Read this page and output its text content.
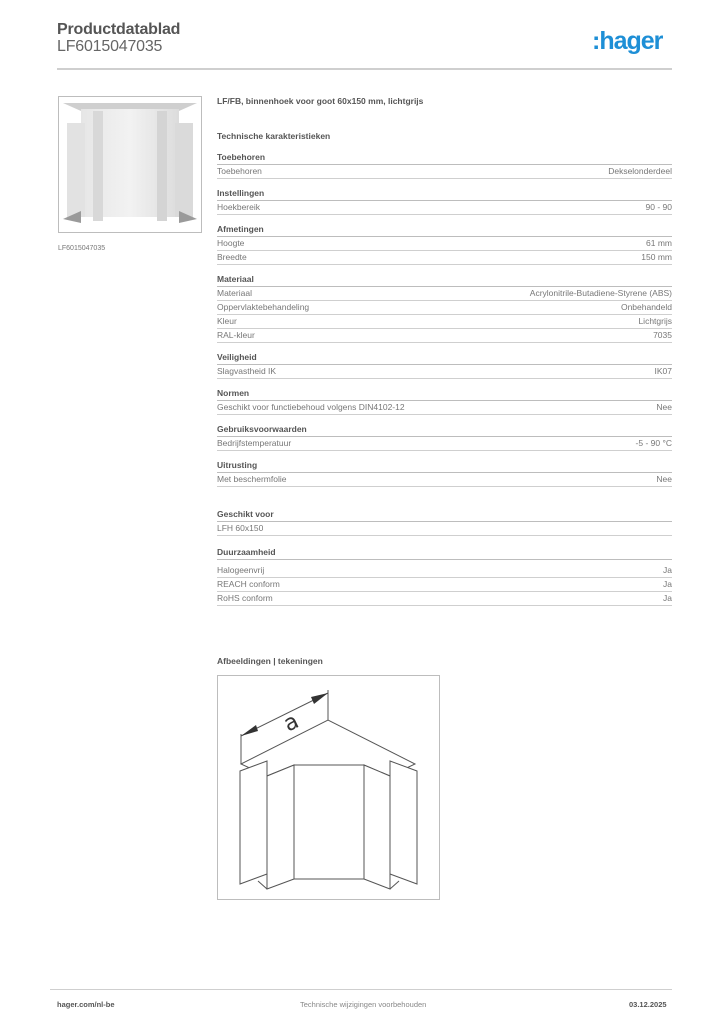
Productdatablad
LF6015047035	:hager
LF6015047035
LF/FB, binnenhoek voor goot 60x150 mm, lichtgrijs
Technische karakteristieken
Toebehoren
Toebehoren	Dekselonderdeel
Instellingen
Hoekbereik	90 - 90
Afmetingen
Hoogte	61 mm
Breedte	150 mm
Materiaal
Materiaal	Acrylonitrile-Butadiene-Styrene (ABS)
Oppervlaktebehandeling	Onbehandeld
Kleur	Lichtgrijs
RAL-kleur	7035
Veiligheid
Slagvastheid IK	IK07
Normen
Geschikt voor functiebehoud volgens DIN4102-12	Nee
Gebruiksvoorwaarden
Bedrijfstemperatuur	-5 - 90 °C
Uitrusting
Met beschermfolie	Nee
Geschikt voor
LFH 60x150
Duurzaamheid
Halogeenvrij	Ja
REACH conform	Ja
RoHS conform	Ja
Afbeeldingen | tekeningen
a
hager.com/nl-be	Technische wijzigingen voorbehouden	03.12.2025
